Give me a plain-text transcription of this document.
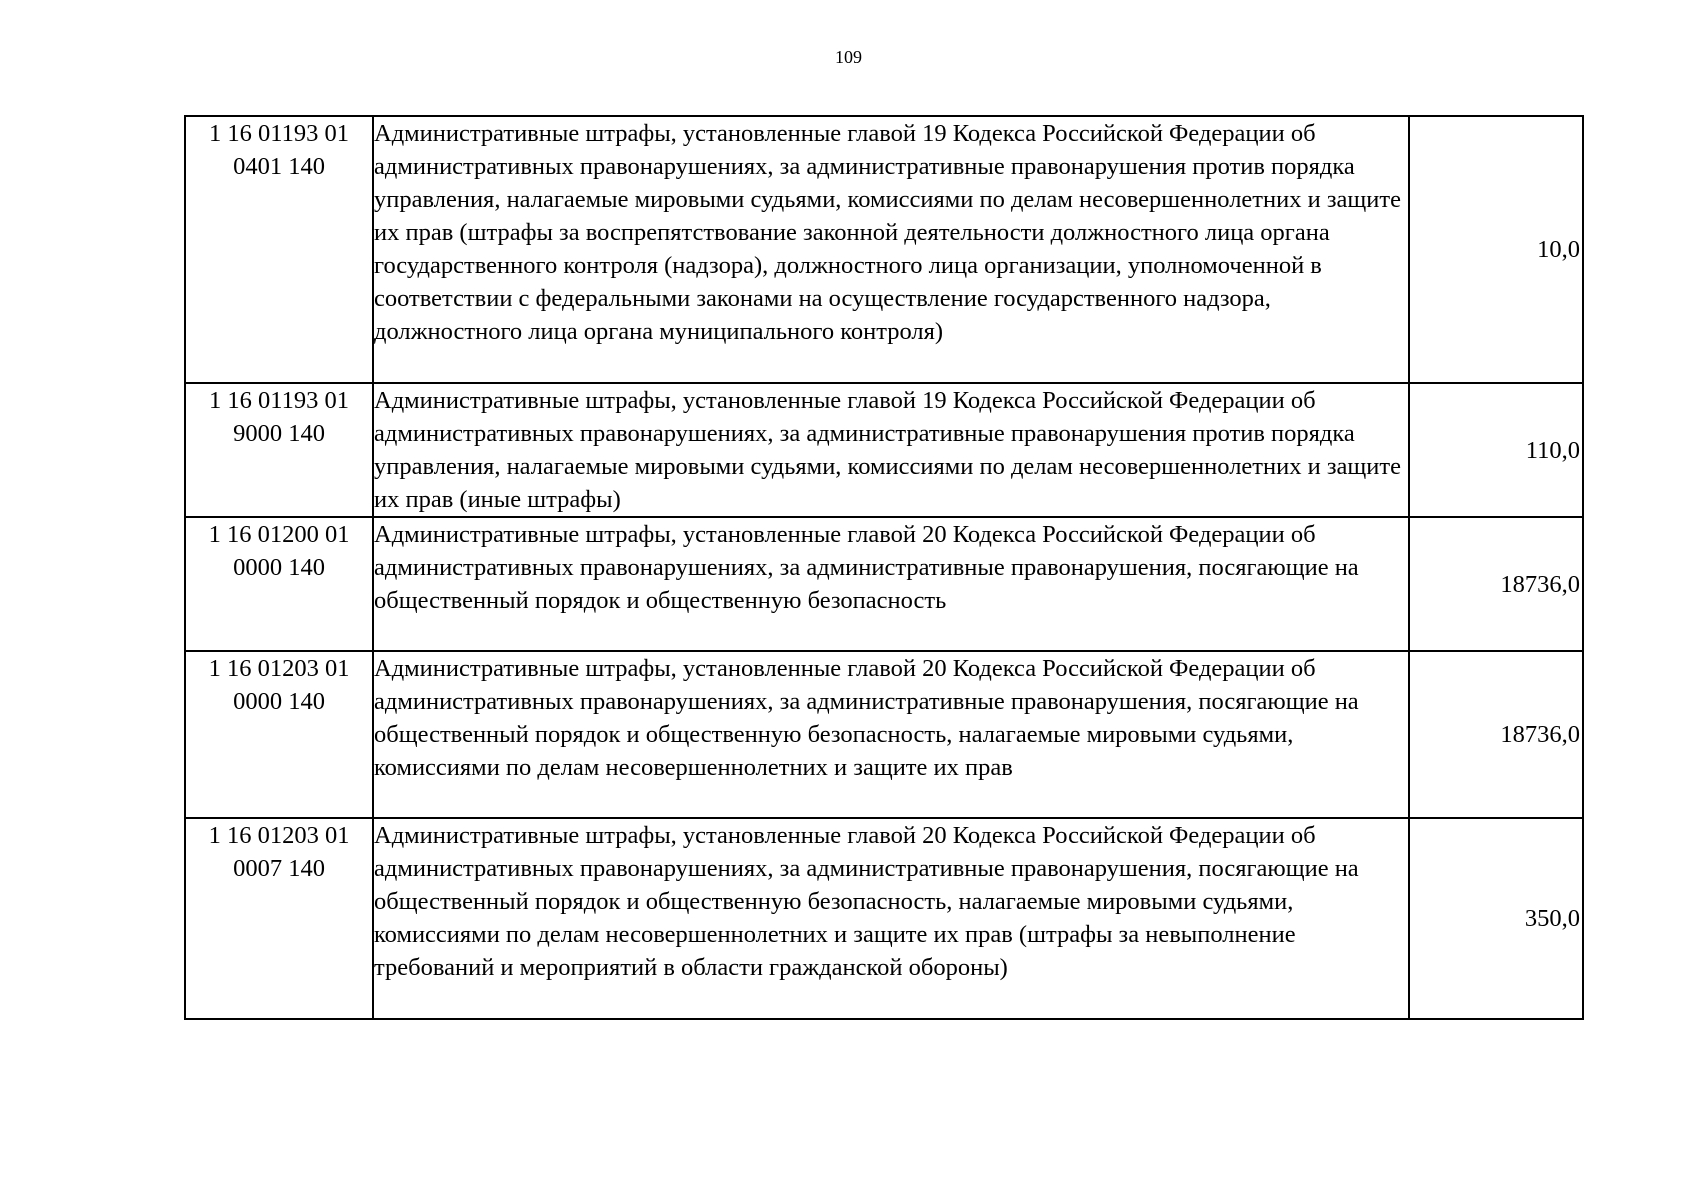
109
1 16 01193 01
0401 140	Административные штрафы, установленные главой 19 Кодекса Российской Федерации об административных правонарушениях, за административные правонарушения против порядка управления, налагаемые мировыми судьями, комиссиями по делам несовершеннолетних и защите их прав (штрафы за воспрепятствование законной деятельности должностного лица органа государственного контроля (надзора), должностного лица организации, уполномоченной в соответствии с федеральными законами на осуществление государственного надзора, должностного лица органа муниципального контроля)	10,0

1 16 01193 01
9000 140	Административные штрафы, установленные главой 19 Кодекса Российской Федерации об административных правонарушениях, за административные правонарушения против порядка управления, налагаемые мировыми судьями, комиссиями по делам несовершеннолетних и защите их прав (иные штрафы)	110,0

1 16 01200 01
0000 140	Административные штрафы, установленные главой 20 Кодекса Российской Федерации об административных правонарушениях, за административные правонарушения, посягающие на общественный порядок и общественную безопасность	18736,0

1 16 01203 01
0000 140	Административные штрафы, установленные главой 20 Кодекса Российской Федерации об административных правонарушениях, за административные правонарушения, посягающие на общественный порядок и общественную безопасность, налагаемые мировыми судьями, комиссиями по делам несовершеннолетних и защите их прав	18736,0

1 16 01203 01
0007 140	Административные штрафы, установленные главой 20 Кодекса Российской Федерации об административных правонарушениях, за административные правонарушения, посягающие на общественный порядок и общественную безопасность, налагаемые мировыми судьями, комиссиями по делам несовершеннолетних и защите их прав (штрафы за невыполнение требований и мероприятий в области гражданской обороны)	350,0
